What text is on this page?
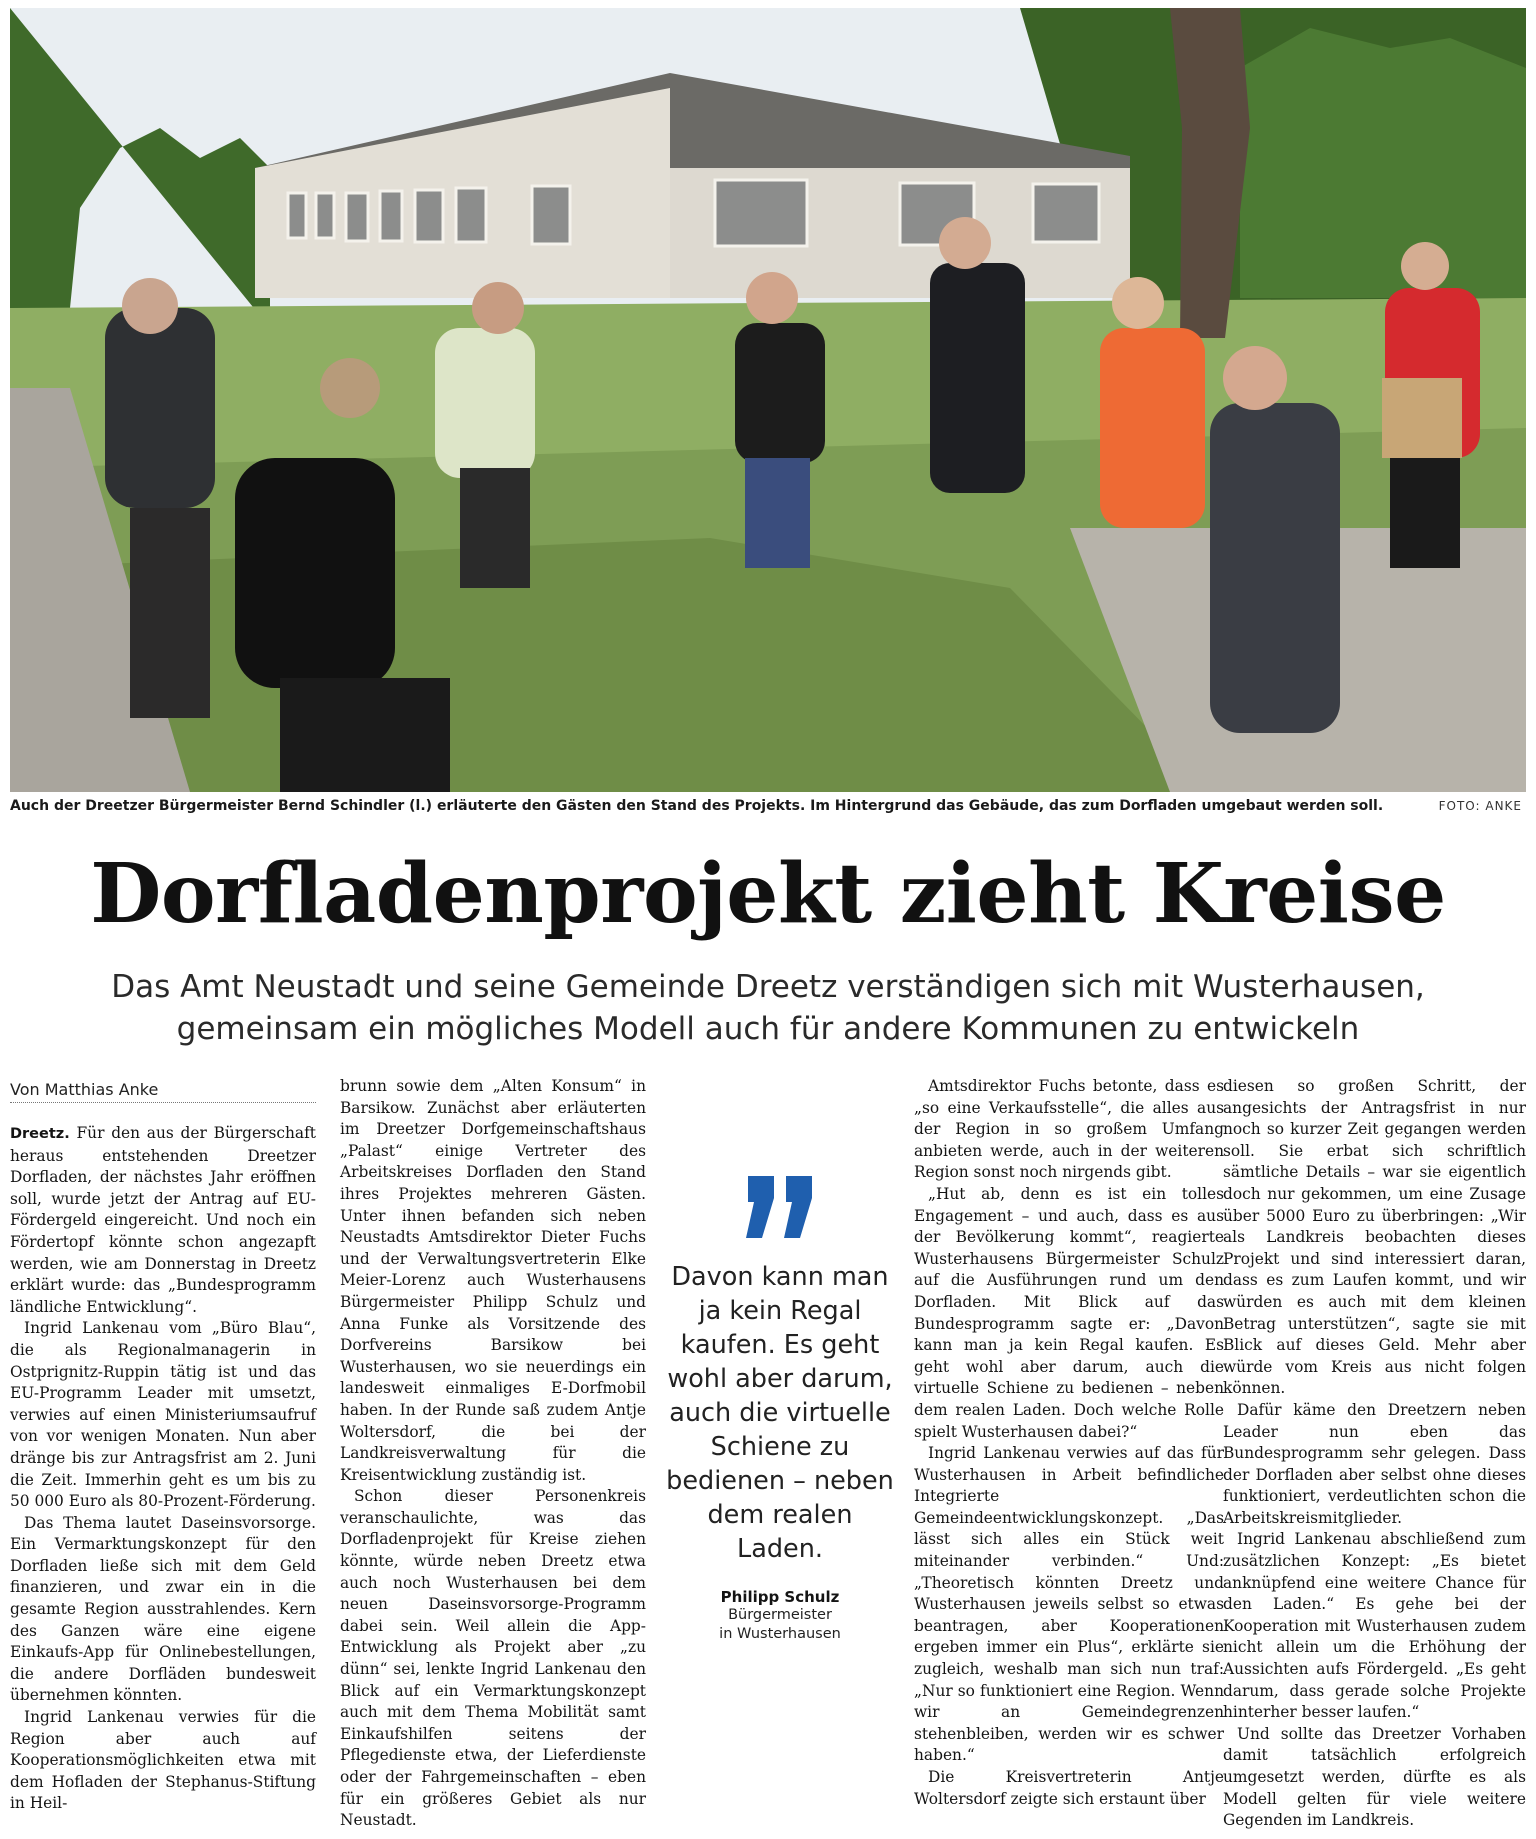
Auch der Dreetzer Bürgermeister Bernd Schindler (l.) erläuterte den Gästen den Stand des Projekts. Im Hintergrund das Gebäude, das zum Dorfladen umgebaut werden soll.	FOTO: ANKE
Dorfladenprojekt zieht Kreise
Das Amt Neustadt und seine Gemeinde Dreetz verständigen sich mit Wusterhausen,
gemeinsam ein mögliches Modell auch für andere Kommunen zu entwickeln
Von Matthias Anke

Dreetz. Für den aus der Bürgerschaft heraus entstehenden Dreetzer Dorfladen, der nächstes Jahr eröffnen soll, wurde jetzt der Antrag auf EU-Fördergeld eingereicht. Und noch ein Fördertopf könnte schon angezapft werden, wie am Donnerstag in Dreetz erklärt wurde: das „Bundesprogramm ländliche Entwicklung“.

Ingrid Lankenau vom „Büro Blau“, die als Regionalmanagerin in Ostprignitz-Ruppin tätig ist und das EU-Programm Leader mit umsetzt, verwies auf einen Ministeriumsaufruf von vor wenigen Monaten. Nun aber dränge bis zur Antragsfrist am 2. Juni die Zeit. Immerhin geht es um bis zu 50 000 Euro als 80-Prozent-Förderung.

Das Thema lautet Daseinsvorsorge. Ein Vermarktungskonzept für den Dorfladen ließe sich mit dem Geld finanzieren, und zwar ein in die gesamte Region ausstrahlendes. Kern des Ganzen wäre eine eigene Einkaufs-App für Onlinebestellungen, die andere Dorfläden bundesweit übernehmen könnten.

Ingrid Lankenau verwies für die Region aber auch auf Kooperationsmöglichkeiten etwa mit dem Hofladen der Stephanus-Stiftung in Heil-

brunn sowie dem „Alten Konsum“ in Barsikow. Zunächst aber erläuterten im Dreetzer Dorfgemeinschaftshaus „Palast“ einige Vertreter des Arbeitskreises Dorfladen den Stand ihres Projektes mehreren Gästen. Unter ihnen befanden sich neben Neustadts Amtsdirektor Dieter Fuchs und der Verwaltungsvertreterin Elke Meier-Lorenz auch Wusterhausens Bürgermeister Philipp Schulz und Anna Funke als Vorsitzende des Dorfvereins Barsikow bei Wusterhausen, wo sie neuerdings ein landesweit einmaliges E-Dorfmobil haben. In der Runde saß zudem Antje Woltersdorf, die bei der Landkreisverwaltung für die Kreisentwicklung zuständig ist.

Schon dieser Personenkreis veranschaulichte, was das Dorfladenprojekt für Kreise ziehen könnte, würde neben Dreetz etwa auch noch Wusterhausen bei dem neuen Daseinsvorsorge-Programm dabei sein. Weil allein die App-Entwicklung als Projekt aber „zu dünn“ sei, lenkte Ingrid Lankenau den Blick auf ein Vermarktungskonzept auch mit dem Thema Mobilität samt Einkaufshilfen seitens der Pflegedienste etwa, der Lieferdienste oder der Fahrgemeinschaften – eben für ein größeres Gebiet als nur Neustadt.

Davon kann man ja kein Regal kaufen. Es geht wohl aber darum, auch die virtuelle Schiene zu bedienen – neben dem realen Laden.
Philipp Schulz
Bürgermeister
in Wusterhausen

Amtsdirektor Fuchs betonte, dass es „so eine Verkaufsstelle“, die alles aus der Region in so großem Umfang anbieten werde, auch in der weiteren Region sonst noch nirgends gibt.

„Hut ab, denn es ist ein tolles Engagement – und auch, dass es aus der Bevölkerung kommt“, reagierte Wusterhausens Bürgermeister Schulz auf die Ausführungen rund um den Dorfladen. Mit Blick auf das Bundesprogramm sagte er: „Davon kann man ja kein Regal kaufen. Es geht wohl aber darum, auch die virtuelle Schiene zu bedienen – neben dem realen Laden. Doch welche Rolle spielt Wusterhausen dabei?“

Ingrid Lankenau verwies auf das für Wusterhausen in Arbeit befindliche Integrierte Gemeindeentwicklungskonzept. „Das lässt sich alles ein Stück weit miteinander verbinden.“ Und: „Theoretisch könnten Dreetz und Wusterhausen jeweils selbst so etwas beantragen, aber Kooperationen ergeben immer ein Plus“, erklärte sie zugleich, weshalb man sich nun traf: „Nur so funktioniert eine Region. Wenn wir an Gemeindegrenzen stehenbleiben, werden wir es schwer haben.“

Die Kreisvertreterin Antje Woltersdorf zeigte sich erstaunt über

diesen so großen Schritt, der angesichts der Antragsfrist in nur noch so kurzer Zeit gegangen werden soll. Sie erbat sich schriftlich sämtliche Details – war sie eigentlich doch nur gekommen, um eine Zusage über 5000 Euro zu überbringen: „Wir als Landkreis beobachten dieses Projekt und sind interessiert daran, dass es zum Laufen kommt, und wir würden es auch mit dem kleinen Betrag unterstützen“, sagte sie mit Blick auf dieses Geld. Mehr aber würde vom Kreis aus nicht folgen können.

Dafür käme den Dreetzern neben Leader nun eben das Bundesprogramm sehr gelegen. Dass der Dorfladen aber selbst ohne dieses funktioniert, verdeutlichten schon die Arbeitskreismitglieder.

Ingrid Lankenau abschließend zum zusätzlichen Konzept: „Es bietet anknüpfend eine weitere Chance für den Laden.“ Es gehe bei der Kooperation mit Wusterhausen zudem nicht allein um die Erhöhung der Aussichten aufs Fördergeld. „Es geht darum, dass gerade solche Projekte hinterher besser laufen.“

Und sollte das Dreetzer Vorhaben damit tatsächlich erfolgreich umgesetzt werden, dürfte es als Modell gelten für viele weitere Gegenden im Landkreis.
